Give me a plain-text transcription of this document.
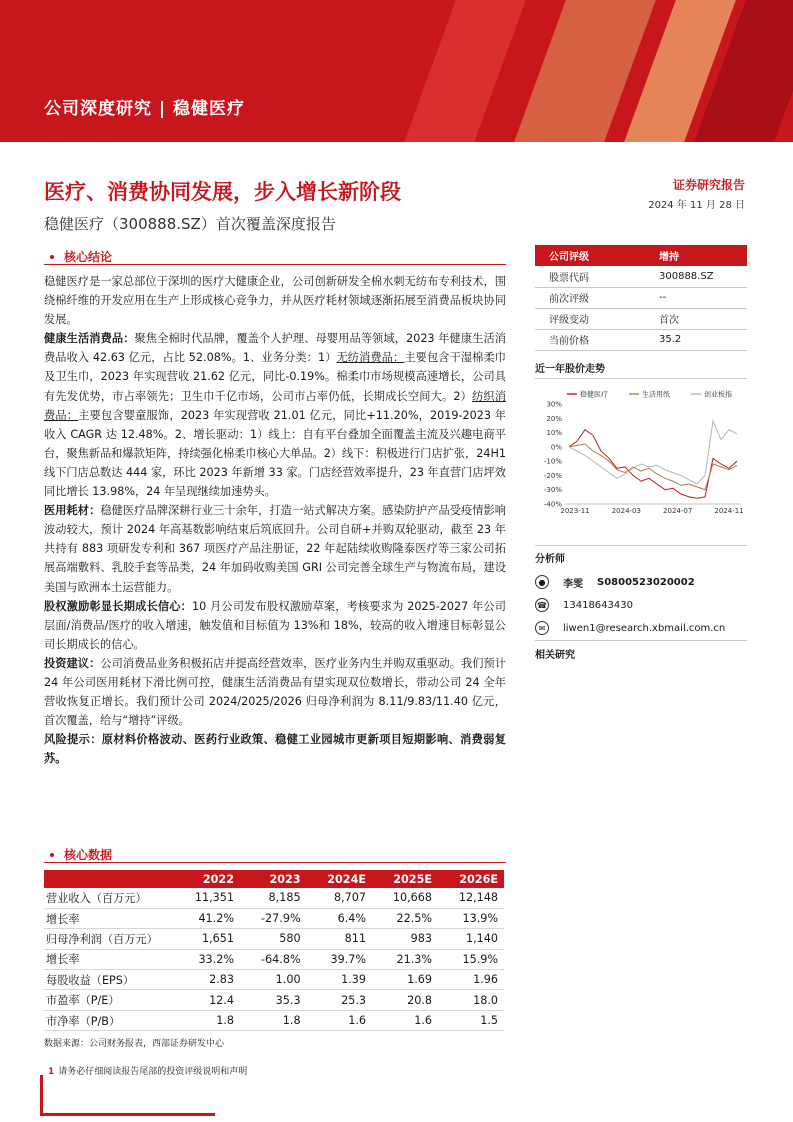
公司深度研究 | 稳健医疗
医疗、消费协同发展，步入增长新阶段
稳健医疗（300888.SZ）首次覆盖深度报告
证券研究报告
2024 年 11 月 28 日
核心结论

稳健医疗是一家总部位于深圳的医疗大健康企业，公司创新研发全棉水刺无纺布专利技术，围绕棉纤维的开发应用在生产上形成核心竞争力，并从医疗耗材领域逐渐拓展至消费品板块协同发展。

健康生活消费品：聚焦全棉时代品牌，覆盖个人护理、母婴用品等领域，2023 年健康生活消费品收入 42.63 亿元，占比 52.08%。1、业务分类：1）无纺消费品：主要包含干湿棉柔巾及卫生巾，2023 年实现营收 21.62 亿元，同比-0.19%。棉柔巾市场规模高速增长，公司具有先发优势，市占率领先；卫生巾千亿市场，公司市占率仍低，长期成长空间大。2）纺织消费品：主要包含婴童服饰，2023 年实现营收 21.01 亿元，同比+11.20%，2019-2023 年收入 CAGR 达 12.48%。2、增长驱动：1）线上：自有平台叠加全面覆盖主流及兴趣电商平台，聚焦新品和爆款矩阵，持续强化棉柔巾核心大单品。2）线下：积极进行门店扩张，24H1 线下门店总数达 444 家，环比 2023 年新增 33 家。门店经营效率提升，23 年直营门店坪效同比增长 13.98%，24 年呈现继续加速势头。

医用耗材：稳健医疗品牌深耕行业三十余年，打造一站式解决方案。感染防护产品受疫情影响波动较大，预计 2024 年高基数影响结束后筑底回升。公司自研+并购双轮驱动，截至 23 年共持有 883 项研发专利和 367 项医疗产品注册证，22 年起陆续收购隆泰医疗等三家公司拓展高端敷料、乳胶手套等品类，24 年加码收购美国 GRI 公司完善全球生产与物流布局，建设美国与欧洲本土运营能力。

股权激励彰显长期成长信心：10 月公司发布股权激励草案，考核要求为 2025-2027 年公司层面/消费品/医疗的收入增速，触发值和目标值为 13%和 18%，较高的收入增速目标彰显公司长期成长的信心。

投资建议：公司消费品业务积极拓店并提高经营效率，医疗业务内生并购双重驱动。我们预计 24 年公司医用耗材下滑比例可控，健康生活消费品有望实现双位数增长，带动公司 24 全年营收恢复正增长。我们预计公司 2024/2025/2026 归母净利润为 8.11/9.83/11.40 亿元，首次覆盖，给与“增持”评级。

风险提示：原材料价格波动、医药行业政策、稳健工业园城市更新项目短期影响、消费弱复苏。

核心数据
	2022	2023	2024E	2025E	2026E
营业收入（百万元）	11,351	8,185	8,707	10,668	12,148
增长率	41.2%	-27.9%	6.4%	22.5%	13.9%
归母净利润（百万元）	1,651	580	811	983	1,140
增长率	33.2%	-64.8%	39.7%	21.3%	15.9%
每股收益（EPS）	2.83	1.00	1.39	1.69	1.96
市盈率（P/E）	12.4	35.3	25.3	20.8	18.0
市净率（P/B）	1.8	1.8	1.6	1.6	1.5
数据来源：公司财务报表，西部证券研发中心
公司评级	增持
股票代码	300888.SZ
前次评级	--
评级变动	首次
当前价格	35.2
近一年股价走势
30%
20%
10%
0%
-10%
-20%
-30%
-40%
2023-11	2024-03	2024-07	2024-11
稳健医疗	生活用纸	创业板指
分析师
●	李雯 S0800523020002
☎ 13418643430
✉	liwen1@research.xbmail.com.cn
相关研究
1 请务必仔细阅读报告尾部的投资评级说明和声明
